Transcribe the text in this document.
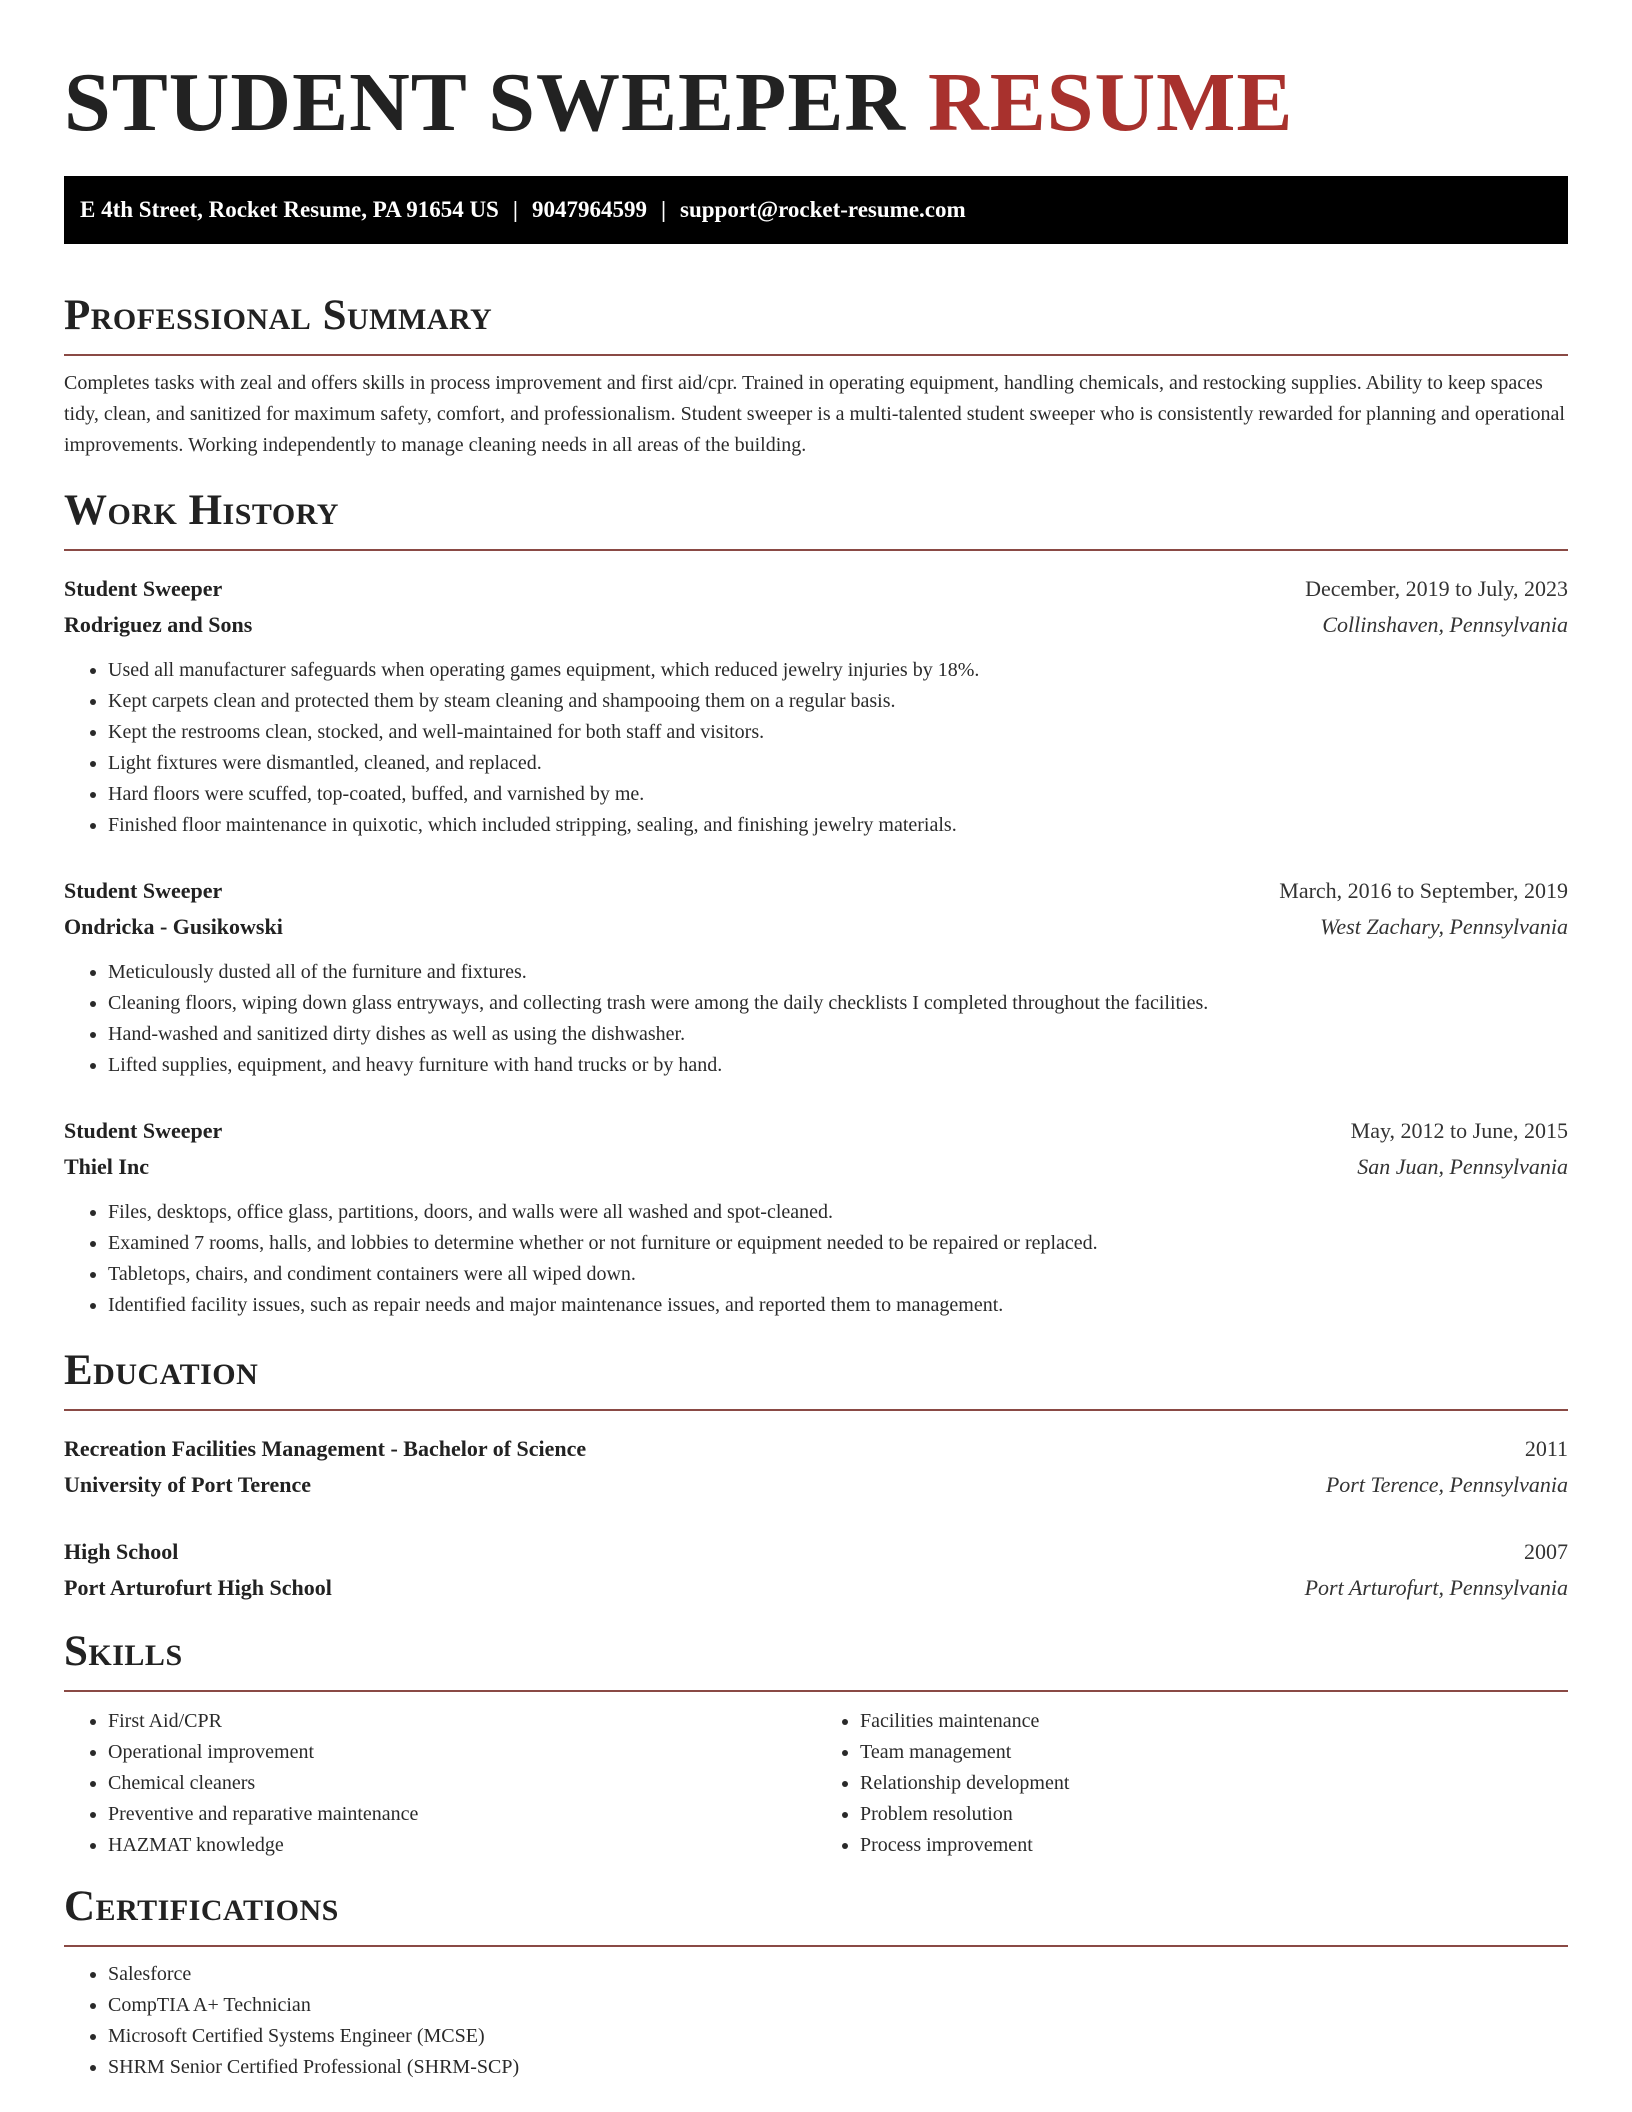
STUDENT SWEEPER RESUME
E 4th Street, Rocket Resume, PA 91654 US | 9047964599 | support@rocket-resume.com
Professional Summary

Completes tasks with zeal and offers skills in process improvement and first aid/cpr. Trained in operating equipment, handling chemicals, and restocking supplies. Ability to keep spaces tidy, clean, and sanitized for maximum safety, comfort, and professionalism. Student sweeper is a multi-talented student sweeper who is consistently rewarded for planning and operational improvements. Working independently to manage cleaning needs in all areas of the building.

Work History
Student Sweeper	December, 2019 to July, 2023
Rodriguez and Sons	Collinshaven, Pennsylvania
• Used all manufacturer safeguards when operating games equipment, which reduced jewelry injuries by 18%.
• Kept carpets clean and protected them by steam cleaning and shampooing them on a regular basis.
• Kept the restrooms clean, stocked, and well-maintained for both staff and visitors.
• Light fixtures were dismantled, cleaned, and replaced.
• Hard floors were scuffed, top-coated, buffed, and varnished by me.
• Finished floor maintenance in quixotic, which included stripping, sealing, and finishing jewelry materials.
Student Sweeper	March, 2016 to September, 2019
Ondricka - Gusikowski	West Zachary, Pennsylvania
• Meticulously dusted all of the furniture and fixtures.
• Cleaning floors, wiping down glass entryways, and collecting trash were among the daily checklists I completed throughout the facilities.
• Hand-washed and sanitized dirty dishes as well as using the dishwasher.
• Lifted supplies, equipment, and heavy furniture with hand trucks or by hand.
Student Sweeper	May, 2012 to June, 2015
Thiel Inc	San Juan, Pennsylvania
• Files, desktops, office glass, partitions, doors, and walls were all washed and spot-cleaned.
• Examined 7 rooms, halls, and lobbies to determine whether or not furniture or equipment needed to be repaired or replaced.
• Tabletops, chairs, and condiment containers were all wiped down.
• Identified facility issues, such as repair needs and major maintenance issues, and reported them to management.
Education
Recreation Facilities Management - Bachelor of Science	2011
University of Port Terence	Port Terence, Pennsylvania
High School	2007
Port Arturofurt High School	Port Arturofurt, Pennsylvania
Skills
• First Aid/CPR
• Operational improvement
• Chemical cleaners
• Preventive and reparative maintenance
• HAZMAT knowledge
• Facilities maintenance
• Team management
• Relationship development
• Problem resolution
• Process improvement
Certifications
• Salesforce
• CompTIA A+ Technician
• Microsoft Certified Systems Engineer (MCSE)
• SHRM Senior Certified Professional (SHRM-SCP)
